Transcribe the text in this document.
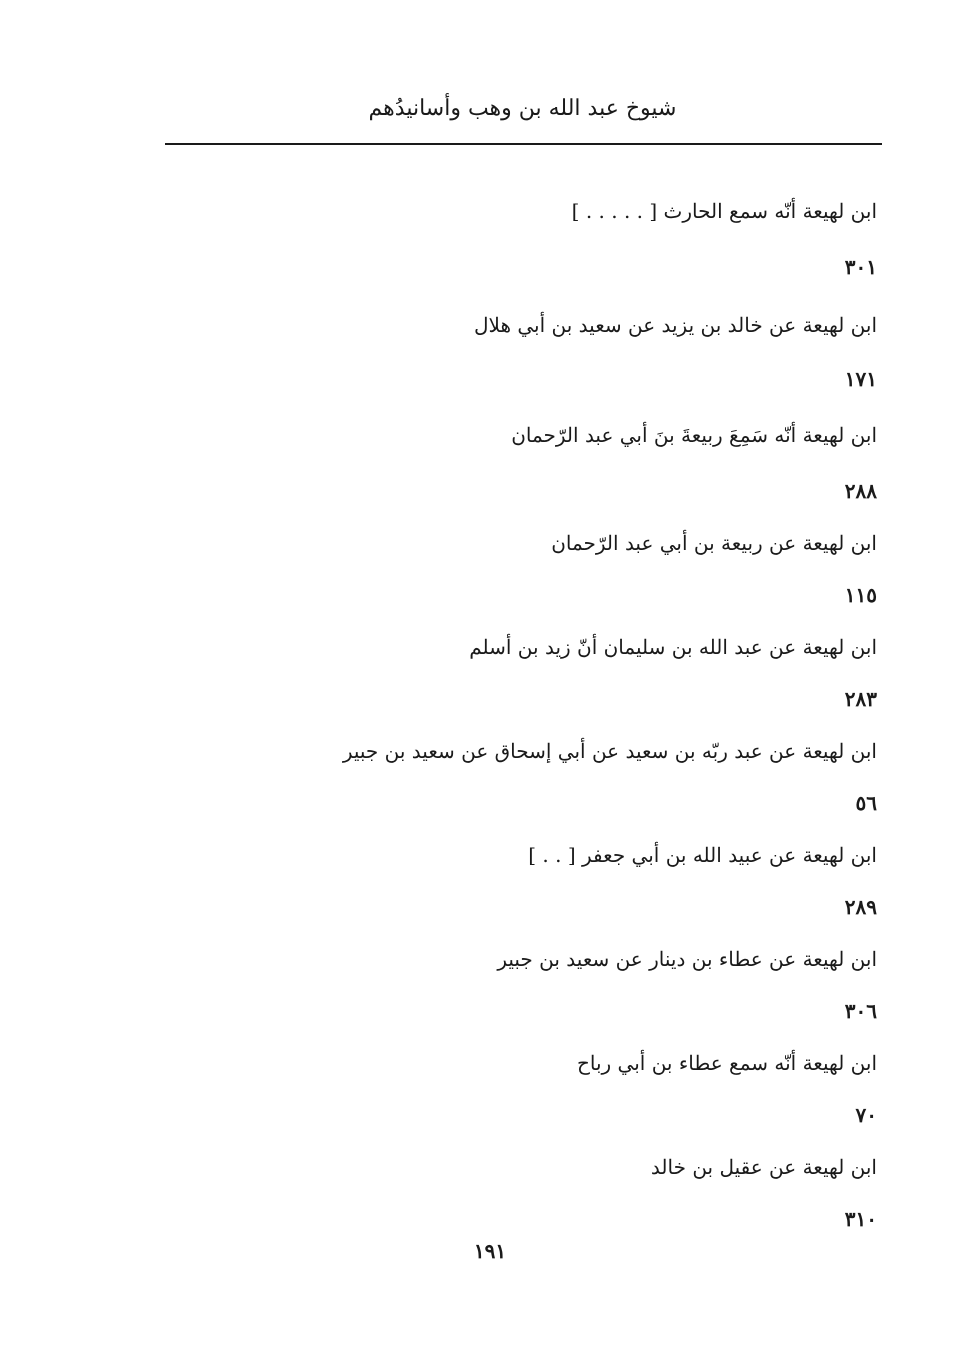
شيوخ عبد الله بن وهب وأسانيدُهم
ابن لهيعة أنّه سمع الحارث [ . . . . . ]
٣٠١
ابن لهيعة عن خالد بن يزيد عن سعيد بن أبي هلال
١٧١
ابن لهيعة أنّه سَمِعَ ربيعةَ بنَ أبي عبد الرّحمان
٢٨٨
ابن لهيعة عن ربيعة بن أبي عبد الرّحمان
١١٥
ابن لهيعة عن عبد الله بن سليمان أنّ زيد بن أسلم
٢٨٣
ابن لهيعة عن عبد ربّه بن سعيد عن أبي إسحاق عن سعيد بن جبير
٥٦
ابن لهيعة عن عبيد الله بن أبي جعفر [ . . ]
٢٨٩
ابن لهيعة عن عطاء بن دينار عن سعيد بن جبير
٣٠٦
ابن لهيعة أنّه سمع عطاء بن أبي رباح
٧٠
ابن لهيعة عن عقيل بن خالد
٣١٠
١٩١
